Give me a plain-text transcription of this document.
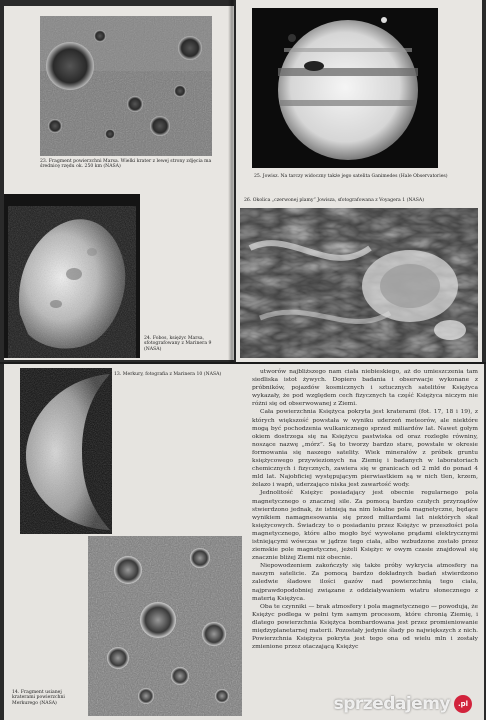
23. Fragment powierzchni Marsa. Wielki krater z lewej strony zdjęcia ma średnicę rzędu ok. 250 km (NASA)
24. Fobos, księżyc Marsa, sfotografowany z Marinera 9 (NASA)
25. Jowisz. Na tarczy widoczny także jego satelita Ganimedes (Hale Observatories)
26. Okolica „czerwonej plamy” Jowisza, sfotografowana z Voyagera 1 (NASA)
13. Merkury, fotografia z Marinera 10 (NASA)
14. Fragment usianej kraterami powierzchni Merkurego (NASA)

utworów najbliższego nam ciała niebieskiego, aż do umieszczenia tam siedliska istot żywych. Dopiero badania i obserwacje wykonane z próbników, pojazdów kosmicznych i sztucznych satelitów Księżyca wykazały, że pod względem cech fizycznych ta część Księżyca niczym nie różni się od obserwowanej z Ziemi.

Cała powierzchnia Księżyca pokryta jest kraterami (fot. 17, 18 i 19), z których większość powstała w wyniku uderzeń meteorów, ale niektóre mogą być pochodzenia wulkanicznego sprzed miliardów lat. Nawet gołym okiem dostrzega się na Księżycu pastwiska od oraz rozległe równiny, noszące nazwę „mórz”. Są to tworzy bardzo stare, powstałe w okresie formowania się naszego satelity. Wiek minerałów z próbek gruntu księżycowego przywiezionych na Ziemię i badanych w laboratoriach chemicznych i fizycznych, zawiera się w granicach od 2 mld do ponad 4 mld lat. Najobficiej występującym pierwiastkiem są w nich tlen, krzem, żelazo i wapń, uderzająco niska jest zawartość wody.

Jednolitość Księżyc posiadający jest obecnie regularnego pola magnetycznego o znacznej sile. Za pomocą bardzo czułych przyrządów stwierdzono jednak, że istnieją na nim lokalne pola magnetyczne, będące wynikiem namagnesowania się przed miliardami lat niektórych skał księżycowych. Świadczy to o posiadaniu przez Księżyc w przeszłości pola magnetycznego, które albo mogło być wywołane prądami elektrycznymi istniejącymi wówczas w jądrze tego ciała, albo wzbudzone zostało przez ziemskie pole magnetyczne, jeżeli Księżyc w owym czasie znajdował się znacznie bliżej Ziemi niż obecnie.

Niepowodzeniem zakończyły się także próby wykrycia atmosfery na naszym satelicie. Za pomocą bardzo dokładnych badań stwierdzono zaledwie śladowe ilości gazów nad powierzchnią tego ciała, najprawdopodobniej związane z oddziaływaniem wiatru słonecznego z materią Księżyca.

Oba te czynniki — brak atmosfery i pola magnetycznego — powodują, że Księżyc podlega w pełni tym samym procesom, które chronią Ziemię, i dlatego powierzchnia Księżyca bombardowana jest przez promieniowanie międzyplanetarnej materii. Pozostały jedynie ślady po największych z nich. Powierzchnia Księżyca pokryta jest tego ona od wielu mln i zostały zmienione przez otaczającą Księżyc

sprzedajemy	.pl
